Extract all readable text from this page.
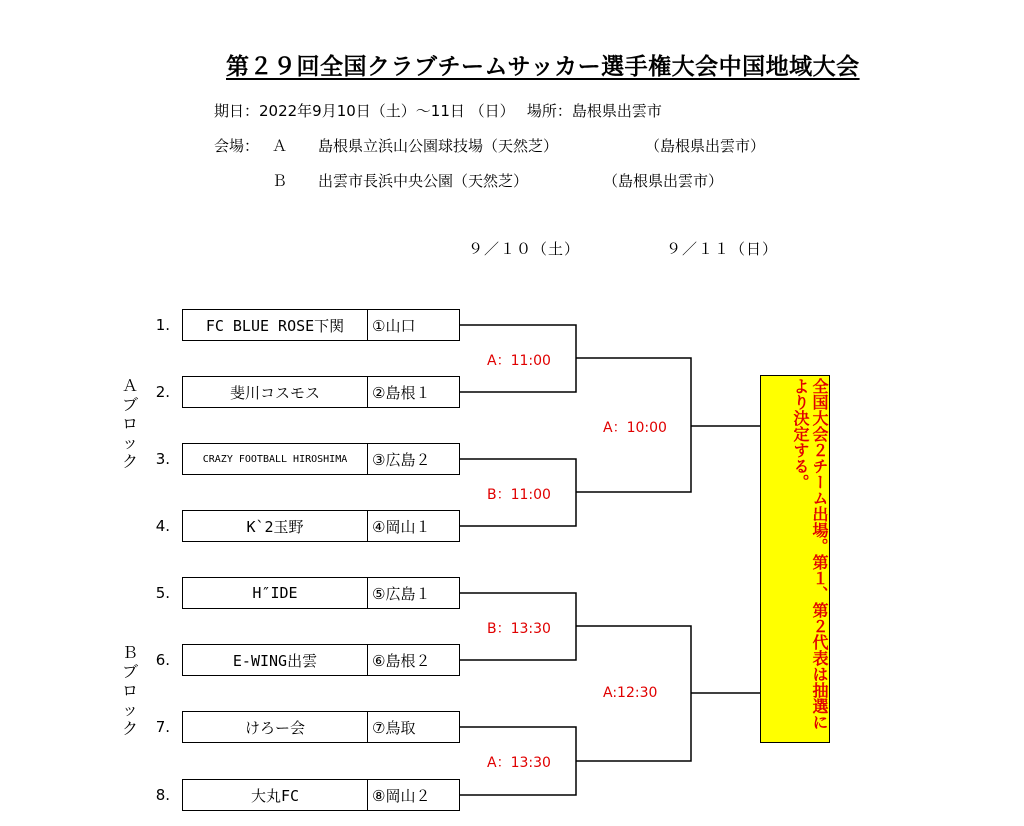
第２９回全国クラブチームサッカー選手権大会中国地域大会
期日：2022年9月10日（土）～11日 （日）　 場所：島根県出雲市
会場： Ａ 島根県立浜山公園球技場（天然芝）	（島根県出雲市）
Ｂ 出雲市長浜中央公園（天然芝）	（島根県出雲市）
９／１０（土）	９／１１（日）
Ａ
ブ
ロ
ッ
ク
Ｂ
ブ
ロ
ッ
ク
1.
2.
3.
4.
5.
6.
7.
8.
FC BLUE ROSE下関	①山口
斐川コスモス	②島根１
CRAZY FOOTBALL HIROSHIMA	③広島２
K`2玉野	④岡山１
H″IDE	⑤広島１
E-WING出雲	⑥島根２
けろー会	⑦鳥取
大丸FC	⑧岡山２
A：11:00
B：11:00
B：13:30
A：13:30
A：10:00
A:12:30	全国大会２チーム出場。第１、第２代表は抽選により決定する。
